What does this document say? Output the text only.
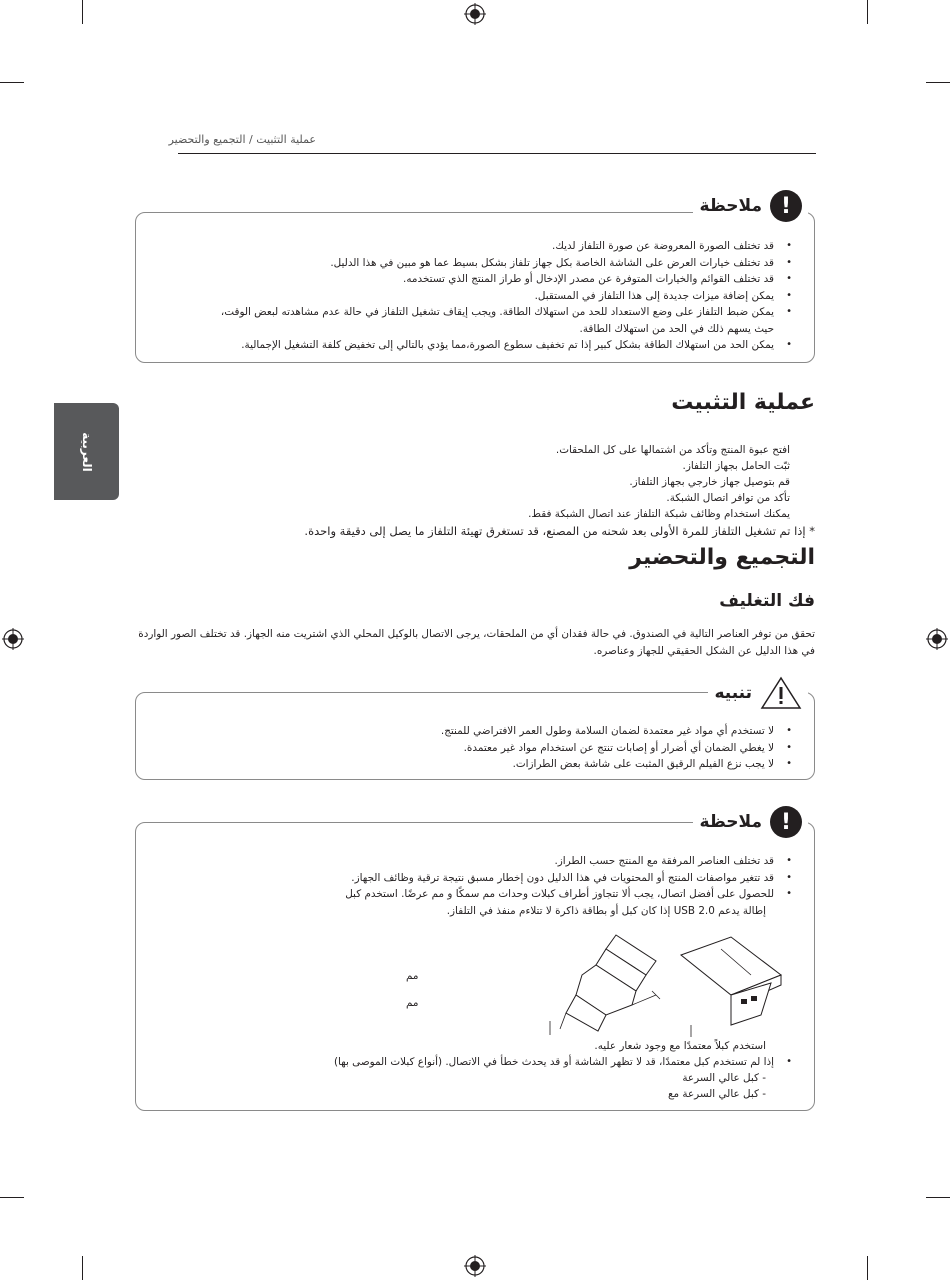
عملية التثبيت / التجميع والتحضير
العربية
• قد تختلف الصورة المعروضة عن صورة التلفاز لديك.
• قد تختلف خيارات العرض على الشاشة الخاصة بكل جهاز تلفاز بشكل بسيط عما هو مبين في هذا الدليل.
• قد تختلف القوائم والخيارات المتوفرة عن مصدر الإدخال أو طراز المنتج الذي تستخدمه.
• يمكن إضافة ميزات جديدة إلى هذا التلفاز في المستقبل.
• يمكن ضبط التلفاز على وضع الاستعداد للحد من استهلاك الطاقة. ويجب إيقاف تشغيل التلفاز في حالة عدم مشاهدته لبعض الوقت،
حيث يسهم ذلك في الحد من استهلاك الطاقة.
• يمكن الحد من استهلاك الطاقة بشكل كبير إذا تم تخفيف سطوع الصورة،مما يؤدي بالتالي إلى تخفيض كلفة التشغيل الإجمالية.
!
ملاحظة
عملية التثبيت
افتح عبوة المنتج وتأكد من اشتمالها على كل الملحقات.
ثبّت الحامل بجهاز التلفاز.
قم بتوصيل جهاز خارجي بجهاز التلفاز.
تأكد من توافر اتصال الشبكة.
يمكنك استخدام وظائف شبكة التلفاز عند اتصال الشبكة فقط.
* إذا تم تشغيل التلفاز للمرة الأولى بعد شحنه من المصنع، قد تستغرق تهيئة التلفاز ما يصل إلى دقيقة واحدة.
التجميع والتحضير
فك التغليف
تحقق من توفر العناصر التالية في الصندوق. في حالة فقدان أي من الملحقات، يرجى الاتصال بالوكيل المحلي الذي اشتريت منه الجهاز. قد تختلف الصور الواردة في هذا الدليل عن الشكل الحقيقي للجهاز وعناصره.
• لا تستخدم أي مواد غير معتمدة لضمان السلامة وطول العمر الافتراضي للمنتج.
• لا يغطي الضمان أي أضرار أو إصابات تنتج عن استخدام مواد غير معتمدة.
• لا يجب نزع الفيلم الرقيق المثبت على شاشة بعض الطرازات.
تنبيه
• قد تختلف العناصر المرفقة مع المنتج حسب الطراز.
• قد تتغير مواصفات المنتج أو المحتويات في هذا الدليل دون إخطار مسبق نتيجة ترقية وظائف الجهاز.
• للحصول على أفضل اتصال، يجب ألا تتجاوز أطراف كبلات وحدات مم سمكًا و مم عرضًا. استخدم كبل
إطالة يدعم USB 2.0 إذا كان كبل أو بطاقة ذاكرة لا تتلاءم منفذ في التلفاز.
مم
مم
استخدم كبلاً معتمدًا مع وجود شعار عليه.
• إذا لم تستخدم كبل معتمدًا، قد لا تظهر الشاشة أو قد يحدث خطأ في الاتصال. (أنواع كبلات الموصى بها)
- كبل عالي السرعة
- كبل عالي السرعة مع
!
ملاحظة
